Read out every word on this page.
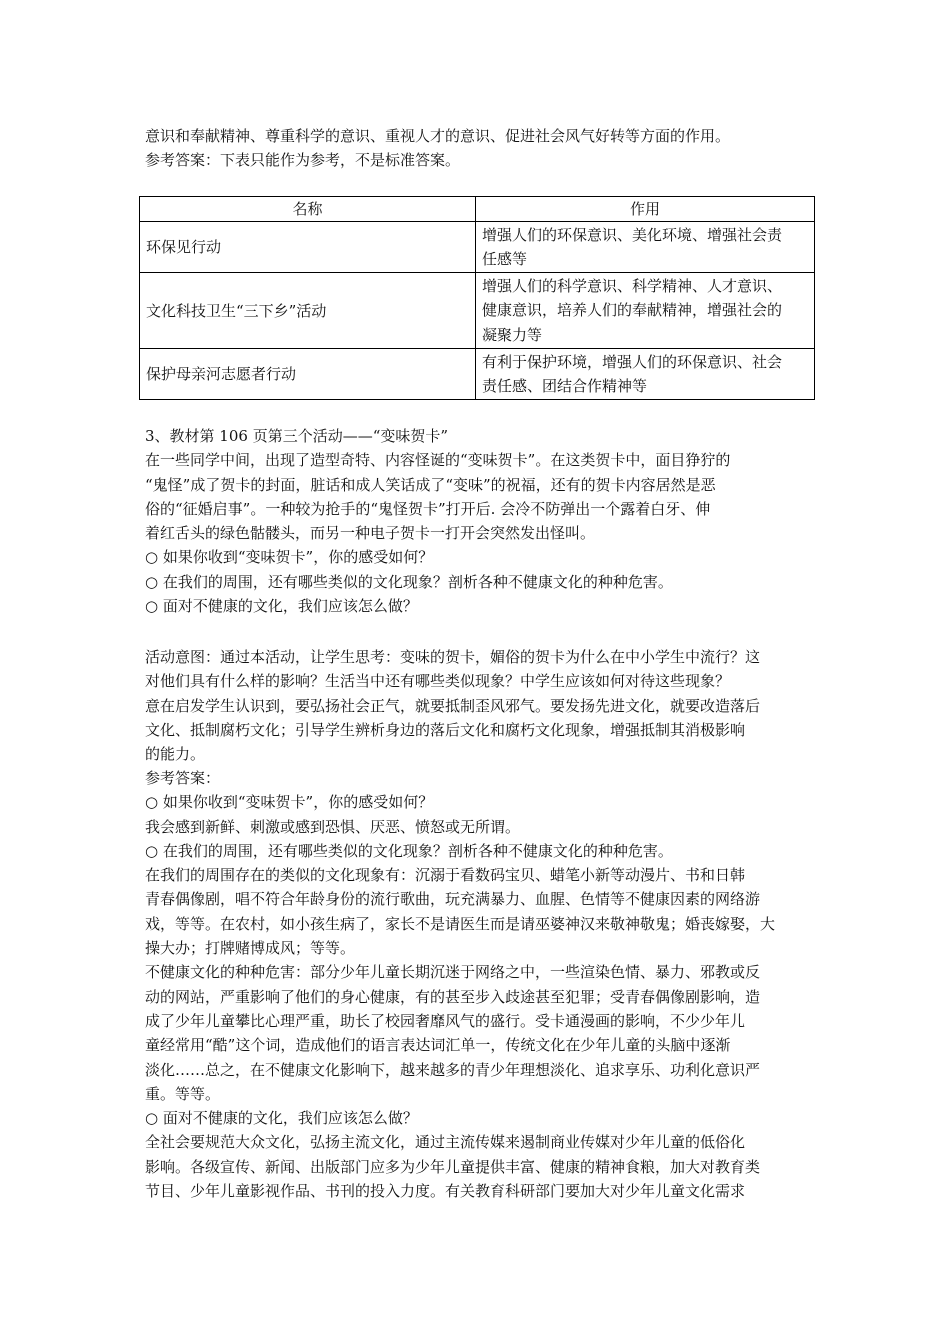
意识和奉献精神、尊重科学的意识、重视人才的意识、促进社会风气好转等方面的作用。
参考答案：下表只能作为参考，不是标准答案。
名称	作用
环保见行动	增强人们的环保意识、美化环境、增强社会责
任感等

文化科技卫生“三下乡”活动	增强人们的科学意识、科学精神、人才意识、
健康意识，培养人们的奉献精神，增强社会的
凝聚力等

保护母亲河志愿者行动	有利于保护环境，增强人们的环保意识、社会
责任感、团结合作精神等
3、教材第 106 页第三个活动——“变味贺卡”
在一些同学中间，出现了造型奇特、内容怪诞的“变味贺卡”。在这类贺卡中，面目狰狞的
“鬼怪”成了贺卡的封面，脏话和成人笑话成了“变味”的祝福，还有的贺卡内容居然是恶
俗的“征婚启事”。一种较为抢手的“鬼怪贺卡”打开后. 会冷不防弹出一个露着白牙、伸
着红舌头的绿色骷髅头，而另一种电子贺卡一打开会突然发出怪叫。
○ 如果你收到“变味贺卡”，你的感受如何？
○ 在我们的周围，还有哪些类似的文化现象？剖析各种不健康文化的种种危害。
○ 面对不健康的文化，我们应该怎么做？
活动意图：通过本活动，让学生思考：变味的贺卡，媚俗的贺卡为什么在中小学生中流行？这
对他们具有什么样的影响？生活当中还有哪些类似现象？中学生应该如何对待这些现象？
意在启发学生认识到，要弘扬社会正气，就要抵制歪风邪气。要发扬先进文化，就要改造落后
文化、抵制腐朽文化；引导学生辨析身边的落后文化和腐朽文化现象，增强抵制其消极影响
的能力。
参考答案：
○ 如果你收到“变味贺卡”，你的感受如何？
我会感到新鲜、刺激或感到恐惧、厌恶、愤怒或无所谓。
○ 在我们的周围，还有哪些类似的文化现象？剖析各种不健康文化的种种危害。
在我们的周围存在的类似的文化现象有：沉溺于看数码宝贝、蜡笔小新等动漫片、书和日韩
青春偶像剧，唱不符合年龄身份的流行歌曲，玩充满暴力、血腥、色情等不健康因素的网络游
戏，等等。在农村，如小孩生病了，家长不是请医生而是请巫婆神汉来敬神敬鬼；婚丧嫁娶，大
操大办；打牌赌博成风；等等。
不健康文化的种种危害：部分少年儿童长期沉迷于网络之中，一些渲染色情、暴力、邪教或反
动的网站，严重影响了他们的身心健康，有的甚至步入歧途甚至犯罪；受青春偶像剧影响，造
成了少年儿童攀比心理严重，助长了校园奢靡风气的盛行。受卡通漫画的影响，不少少年儿
童经常用“酷”这个词，造成他们的语言表达词汇单一，传统文化在少年儿童的头脑中逐渐
淡化……总之，在不健康文化影响下，越来越多的青少年理想淡化、追求享乐、功利化意识严
重。等等。
○ 面对不健康的文化，我们应该怎么做？
全社会要规范大众文化，弘扬主流文化，通过主流传媒来遏制商业传媒对少年儿童的低俗化
影响。各级宣传、新闻、出版部门应多为少年儿童提供丰富、健康的精神食粮，加大对教育类
节目、少年儿童影视作品、书刊的投入力度。有关教育科研部门要加大对少年儿童文化需求
